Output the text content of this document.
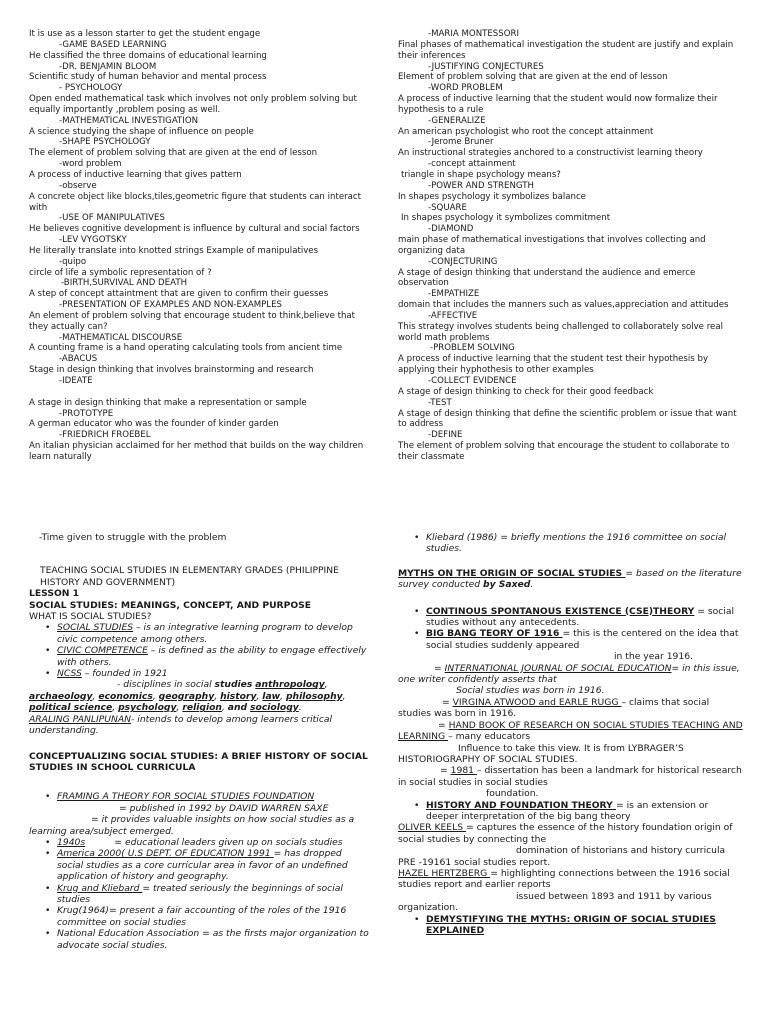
It is use as a lesson starter to get the student engage
-GAME BASED LEARNING
He classified the three domains of educational learning
-DR. BENJAMIN BLOOM
Scientific study of human behavior and mental process
- PSYCHOLOGY
Open ended mathematical task which involves not only problem solving but equally importantly ,problem posing as well.
-MATHEMATICAL INVESTIGATION
A science studying the shape of influence on people
-SHAPE PSYCHOLOGY
The element of problem solving that are given at the end of lesson
-word problem
A process of inductive learning that gives pattern
-observe
A concrete object like blocks,tiles,geometric figure that students can interact with
-USE OF MANIPULATIVES
He believes cognitive development is influence by cultural and social factors
-LEV VYGOTSKY
He literally translate into knotted strings Example of manipulatives
-quipo
circle of life a symbolic representation of ?
-BIRTH,SURVIVAL AND DEATH
A step of concept attaintment that are given to confirm their guesses
-PRESENTATION OF EXAMPLES AND NON-EXAMPLES
An element of problem solving that encourage student to think,believe that they actually can?
-MATHEMATICAL DISCOURSE
A counting frame is a hand operating calculating tools from ancient time
-ABACUS
Stage in design thinking that involves brainstorming and research
-IDEATE
A stage in design thinking that make a representation or sample
-PROTOTYPE
A german educator who was the founder of kinder garden
-FRIEDRICH FROEBEL
An italian physician acclaimed for her method that builds on the way children learn naturally
-MARIA MONTESSORI
Final phases of mathematical investigation the student are justify and explain their inferences
-JUSTIFYING CONJECTURES
Element of problem solving that are given at the end of lesson
-WORD PROBLEM
A process of inductive learning that the student would now formalize their hypothesis to a rule
-GENERALIZE
An american psychologist who root the concept attainment
-Jerome Bruner
An instructional strategies anchored to a constructivist learning theory
-concept attainment
triangle in shape psychology means?
-POWER AND STRENGTH
In shapes psychology it symbolizes balance
-SQUARE
In shapes psychology it symbolizes commitment
-DIAMOND
main phase of mathematical investigations that involves collecting and organizing data
-CONJECTURING
A stage of design thinking that understand the audience and emerce observation
-EMPATHIZE
domain that includes the manners such as values,appreciation and attitudes
-AFFECTIVE
This strategy involves students being challenged to collaborately solve real world math problems
-PROBLEM SOLVING
A process of inductive learning that the student test their hypothesis by applying their hyphothesis to other examples
-COLLECT EVIDENCE
A stage of design thinking to check for their good feedback
-TEST
A stage of design thinking that define the scientific problem or issue that want to address
-DEFINE
The element of problem solving that encourage the student to collaborate to their classmate
-Time given to struggle with the problem
TEACHING SOCIAL STUDIES IN ELEMENTARY GRADES (PHILIPPINE HISTORY AND GOVERNMENT)
LESSON 1
SOCIAL STUDIES: MEANINGS, CONCEPT, AND PURPOSE
WHAT IS SOCIAL STUDIES?
• SOCIAL STUDIES – is an integrative learning program to develop civic competence among others.
• CIVIC COMPETENCE – is defined as the ability to engage effectively with others.
• NCSS – founded in 1921
- disciplines in social studies anthropology, archaeology, economics, geography, history, law, philosophy, political science, psychology, religion, and sociology.
ARALING PANLIPUNAN- intends to develop among learners critical understanding.
CONCEPTUALIZING SOCIAL STUDIES: A BRIEF HISTORY OF SOCIAL STUDIES IN SCHOOL CURRICULA
• FRAMING A THEORY FOR SOCIAL STUDIES FOUNDATION
= published in 1992 by DAVID WARREN SAXE
= it provides valuable insights on how social studies as a learning area/subject emerged.
• 1940s          = educational leaders given up on socials studies
• America 2000( U.S DEPT. OF EDUCATION 1991 = has dropped social studies as a core curricular area in favor of an undefined application of history and geography.
• Krug and Kliebard = treated seriously the beginnings of social studies
• Krug(1964)= present a fair accounting of the roles of the 1916 committee on social studies
• National Education Association = as the firsts major organization to advocate social studies.
• Kliebard (1986) = briefly mentions the 1916 committee on social studies.
MYTHS ON THE ORIGIN OF SOCIAL STUDIES = based on the literature survey conducted by Saxed.
• CONTINOUS SPONTANOUS EXISTENCE (CSE)THEORY = social studies without any antecedents.
• BIG BANG TEORY OF 1916 = this is the centered on the idea that social studies suddenly appeared
in the year 1916.
= INTERNATIONAL JOURNAL OF SOCIAL EDUCATION= in this issue, one writer confidently asserts that
Social studies was born in 1916.
= VIRGINA ATWOOD and EARLE RUGG – claims that social studies was born in 1916.
= HAND BOOK OF RESEARCH ON SOCIAL STUDIES TEACHING AND LEARNING – many educators
Influence to take this view. It is from LYBRAGER’S HISTORIOGRAPHY OF SOCIAL STUDIES.
= 1981 – dissertation has been a landmark for historical research in social studies in social studies
foundation.
• HISTORY AND FOUNDATION THEORY = is an extension or deeper interpretation of the big bang theory
OLIVER KEELS = captures the essence of the history foundation origin of social studies by connecting the
domination of historians and history curricula
PRE -19161 social studies report.
HAZEL HERTZBERG = highlighting connections between the 1916 social studies report and earlier reports
issued between 1893 and 1911 by various
organization.
• DEMYSTIFYING THE MYTHS: ORIGIN OF SOCIAL STUDIES EXPLAINED
